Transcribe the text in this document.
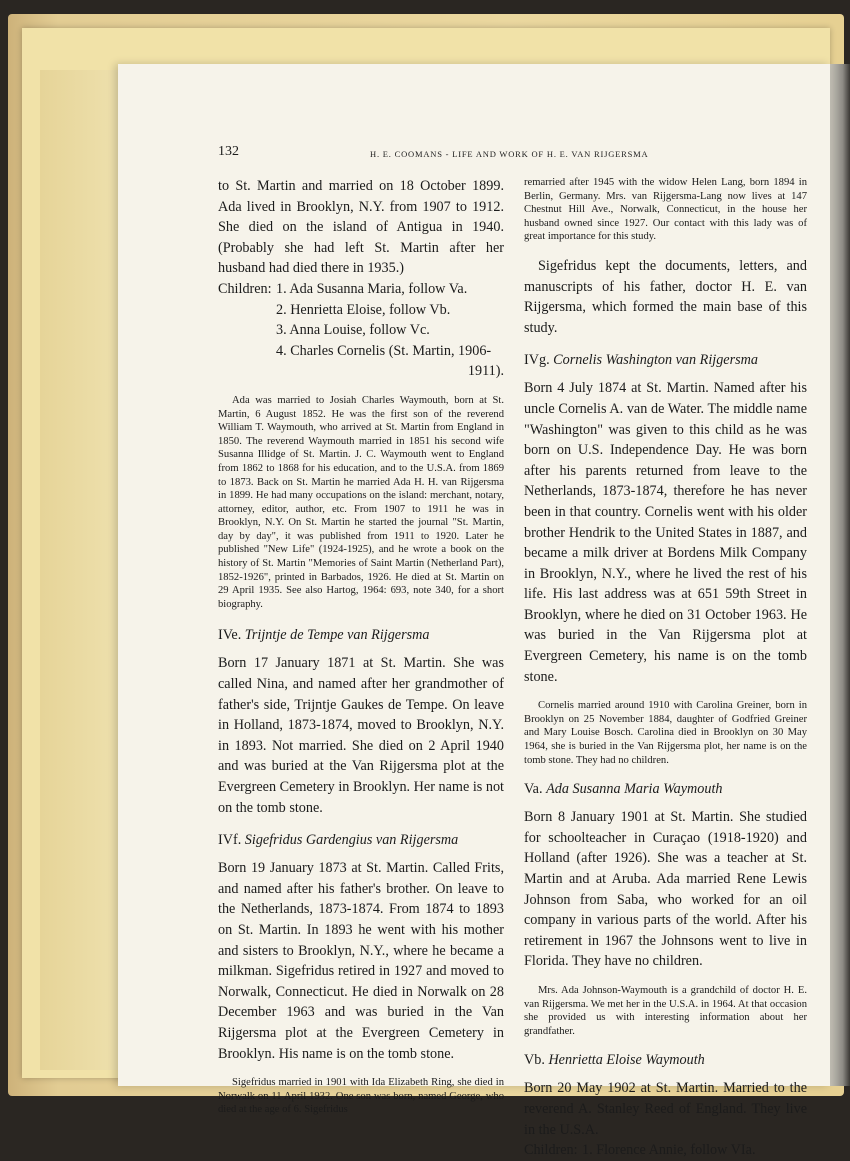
132	H. E. COOMANS - LIFE AND WORK OF H. E. VAN RIJGERSMA

to St. Martin and married on 18 October 1899. Ada lived in Brooklyn, N.Y. from 1907 to 1912. She died on the island of Antigua in 1940. (Probably she had left St. Martin after her husband had died there in 1935.)

Children: 1. Ada Susanna Maria, follow Va.
2. Henrietta Eloise, follow Vb.
3. Anna Louise, follow Vc.
4. Charles Cornelis (St. Martin, 1906-
1911).

Ada was married to Josiah Charles Waymouth, born at St. Martin, 6 August 1852. He was the first son of the reverend William T. Waymouth, who arrived at St. Martin from England in 1850. The reverend Waymouth married in 1851 his second wife Susanna Illidge of St. Martin. J. C. Waymouth went to England from 1862 to 1868 for his education, and to the U.S.A. from 1869 to 1873. Back on St. Martin he married Ada H. H. van Rijgersma in 1899. He had many occupations on the island: merchant, notary, attorney, editor, author, etc. From 1907 to 1911 he was in Brooklyn, N.Y. On St. Martin he started the journal "St. Martin, day by day", it was published from 1911 to 1920. Later he published "New Life" (1924-1925), and he wrote a book on the history of St. Martin "Memories of Saint Martin (Netherland Part), 1852-1926", printed in Barbados, 1926. He died at St. Martin on 29 April 1935. See also Hartog, 1964: 693, note 340, for a short biography.

IVe. Trijntje de Tempe van Rijgersma

Born 17 January 1871 at St. Martin. She was called Nina, and named after her grandmother of father's side, Trijntje Gaukes de Tempe. On leave in Holland, 1873-1874, moved to Brooklyn, N.Y. in 1893. Not married. She died on 2 April 1940 and was buried at the Van Rijgersma plot at the Evergreen Cemetery in Brooklyn. Her name is not on the tomb stone.

IVf. Sigefridus Gardengius van Rijgersma

Born 19 January 1873 at St. Martin. Called Frits, and named after his father's brother. On leave to the Netherlands, 1873-1874. From 1874 to 1893 on St. Martin. In 1893 he went with his mother and sisters to Brooklyn, N.Y., where he became a milkman. Sigefridus retired in 1927 and moved to Norwalk, Connecticut. He died in Norwalk on 28 December 1963 and was buried in the Van Rijgersma plot at the Evergreen Cemetery in Brooklyn. His name is on the tomb stone.

Sigefridus married in 1901 with Ida Elizabeth Ring, she died in Norwalk on 11 April 1932. One son was born, named George, who died at the age of 6. Sigefridus

remarried after 1945 with the widow Helen Lang, born 1894 in Berlin, Germany. Mrs. van Rijgersma-Lang now lives at 147 Chestnut Hill Ave., Norwalk, Connecticut, in the house her husband owned since 1927. Our contact with this lady was of great importance for this study.

Sigefridus kept the documents, letters, and manuscripts of his father, doctor H. E. van Rijgersma, which formed the main base of this study.

IVg. Cornelis Washington van Rijgersma

Born 4 July 1874 at St. Martin. Named after his uncle Cornelis A. van de Water. The middle name "Washington" was given to this child as he was born on U.S. Independence Day. He was born after his parents returned from leave to the Netherlands, 1873-1874, therefore he has never been in that country. Cornelis went with his older brother Hendrik to the United States in 1887, and became a milk driver at Bordens Milk Company in Brooklyn, N.Y., where he lived the rest of his life. His last address was at 651 59th Street in Brooklyn, where he died on 31 October 1963. He was buried in the Van Rijgersma plot at Evergreen Cemetery, his name is on the tomb stone.

Cornelis married around 1910 with Carolina Greiner, born in Brooklyn on 25 November 1884, daughter of Godfried Greiner and Mary Louise Bosch. Carolina died in Brooklyn on 30 May 1964, she is buried in the Van Rijgersma plot, her name is on the tomb stone. They had no children.

Va. Ada Susanna Maria Waymouth

Born 8 January 1901 at St. Martin. She studied for schoolteacher in Curaçao (1918-1920) and Holland (after 1926). She was a teacher at St. Martin and at Aruba. Ada married Rene Lewis Johnson from Saba, who worked for an oil company in various parts of the world. After his retirement in 1967 the Johnsons went to live in Florida. They have no children.

Mrs. Ada Johnson-Waymouth is a grandchild of doctor H. E. van Rijgersma. We met her in the U.S.A. in 1964. At that occasion she provided us with interesting information about her grandfather.

Vb. Henrietta Eloise Waymouth

Born 20 May 1902 at St. Martin. Married to the reverend A. Stanley Reed of England. They live in the U.S.A.

Children: 1. Florence Annie, follow VIa.
